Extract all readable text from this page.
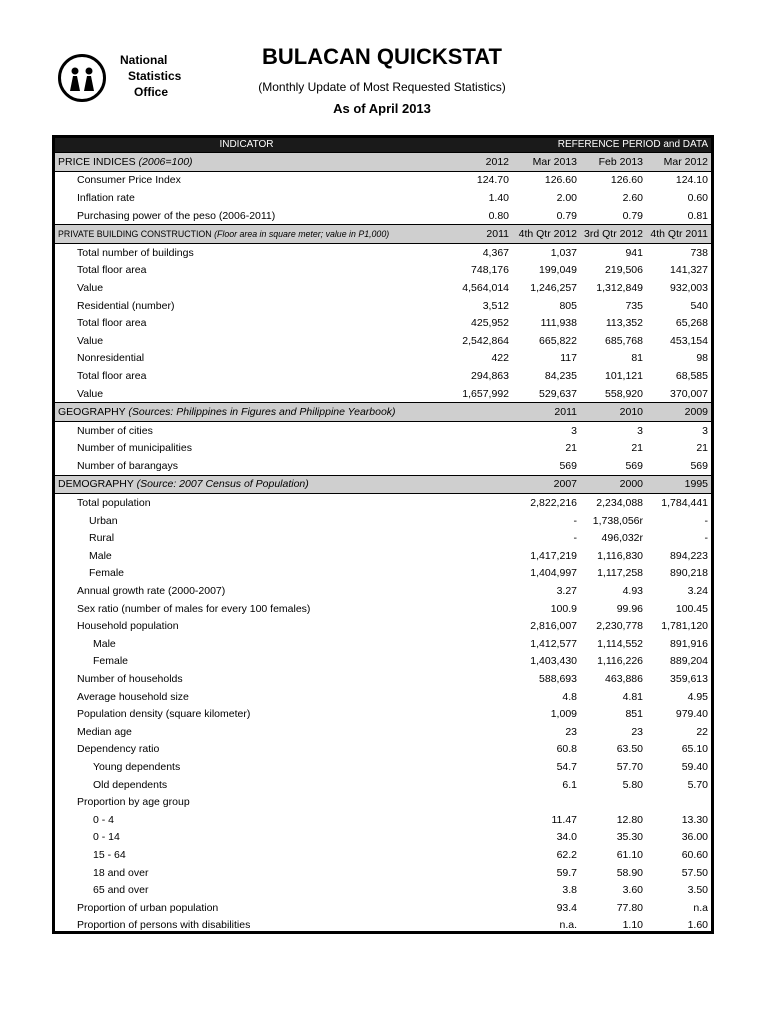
National
Statistics
Office
BULACAN QUICKSTAT
(Monthly Update of Most Requested Statistics)
As of April 2013
INDICATOR	REFERENCE PERIOD and DATA			
PRICE INDICES (2006=100)	2012	Mar 2013	Feb 2013	Mar 2012
Consumer Price Index	124.70	126.60	126.60	124.10
Inflation rate	1.40	2.00	2.60	0.60
Purchasing power of the peso (2006-2011)	0.80	0.79	0.79	0.81
PRIVATE BUILDING CONSTRUCTION (Floor area in square meter; value in P1,000)	2011	4th Qtr 2012	3rd Qtr 2012	4th Qtr 2011
Total number of buildings	4,367	1,037	941	738
Total floor area	748,176	199,049	219,506	141,327
Value	4,564,014	1,246,257	1,312,849	932,003
Residential (number)	3,512	805	735	540
Total floor area	425,952	111,938	113,352	65,268
Value	2,542,864	665,822	685,768	453,154
Nonresidential	422	117	81	98
Total floor area	294,863	84,235	101,121	68,585
Value	1,657,992	529,637	558,920	370,007
GEOGRAPHY (Sources: Philippines in Figures and Philippine Yearbook)		2011	2010	2009
Number of cities		3	3	3
Number of municipalities		21	21	21
Number of barangays		569	569	569
DEMOGRAPHY (Source: 2007 Census of Population)		2007	2000	1995
Total population		2,822,216	2,234,088	1,784,441
Urban		-	1,738,056r	-
Rural		-	496,032r	-
Male		1,417,219	1,116,830	894,223
Female		1,404,997	1,117,258	890,218
Annual growth rate (2000-2007)		3.27	4.93	3.24
Sex ratio (number of males for every 100 females)		100.9	99.96	100.45
Household population		2,816,007	2,230,778	1,781,120
Male		1,412,577	1,114,552	891,916
Female		1,403,430	1,116,226	889,204
Number of households		588,693	463,886	359,613
Average household size		4.8	4.81	4.95
Population density (square kilometer)		1,009	851	979.40
Median age		23	23	22
Dependency ratio		60.8	63.50	65.10
Young dependents		54.7	57.70	59.40
Old dependents		6.1	5.80	5.70
Proportion by age group				
0 - 4		11.47	12.80	13.30
0 - 14		34.0	35.30	36.00
15 - 64		62.2	61.10	60.60
18 and over		59.7	58.90	57.50
65 and over		3.8	3.60	3.50
Proportion of urban population		93.4	77.80	n.a
Proportion of persons with disabilities		n.a.	1.10	1.60
